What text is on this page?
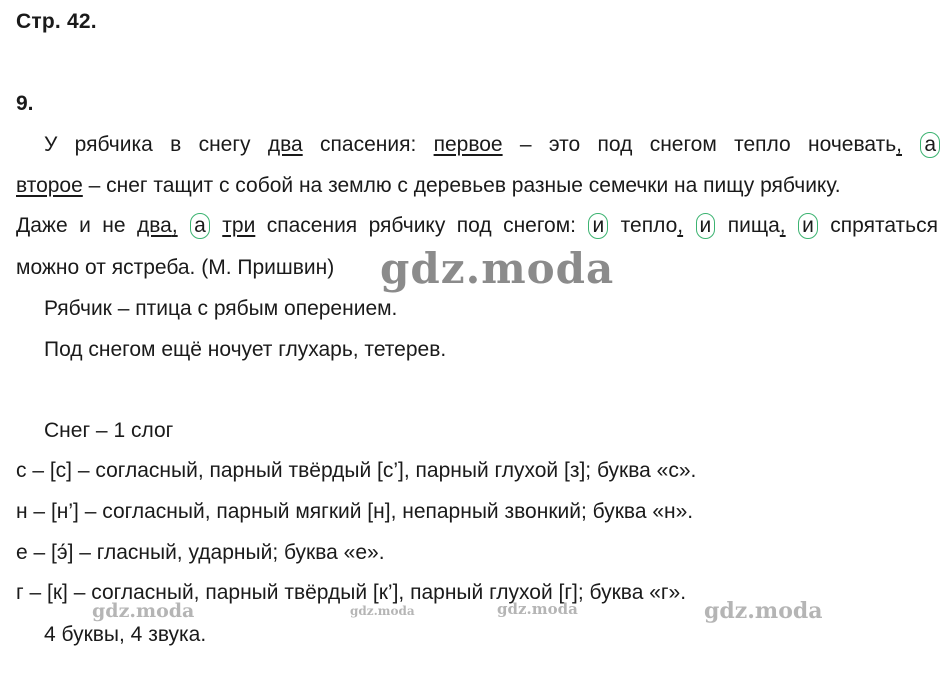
Стр. 42.
9.
У рябчика в снегу два спасения: первое – это под снегом тепло ночевать, а
второе – снег тащит с собой на землю с деревьев разные семечки на пищу рябчику.
Даже и не два, а три спасения рябчику под снегом: и тепло, и пища, и спрятаться
можно от ястреба. (М. Пришвин)
Рябчик – птица с рябым оперением.
Под снегом ещё ночует глухарь, тетерев.
Снег – 1 слог
с – [с] – согласный, парный твёрдый [с’], парный глухой [з]; буква «с».
н – [н’] – согласный, парный мягкий [н], непарный звонкий; буква «н».
е – [э́] – гласный, ударный; буква «е».
г – [к] – согласный, парный твёрдый [к’], парный глухой [г]; буква «г».
4 буквы, 4 звука.
gdz.moda
gdz.moda	gdz.moda	gdz.moda	gdz.moda
